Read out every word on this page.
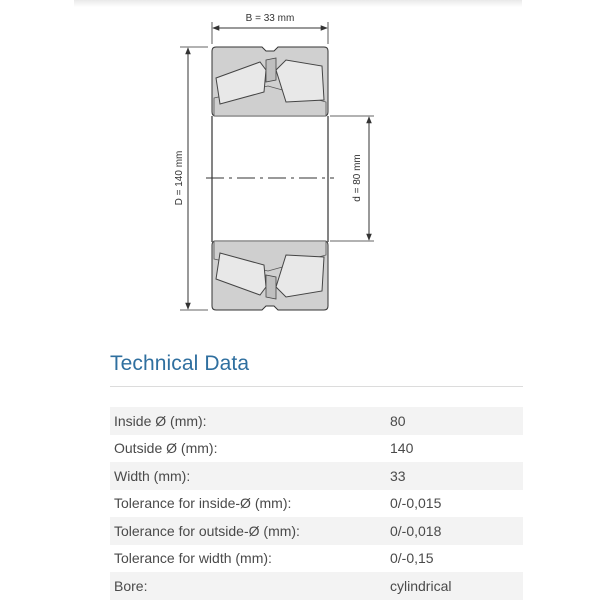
B = 33 mm
D = 140 mm	d = 80 mm
Technical Data
Inside Ø (mm):	80
Outside Ø (mm):	140
Width (mm):	33
Tolerance for inside-Ø (mm):	0/-0,015
Tolerance for outside-Ø (mm):	0/-0,018
Tolerance for width (mm):	0/-0,15
Bore:	cylindrical
